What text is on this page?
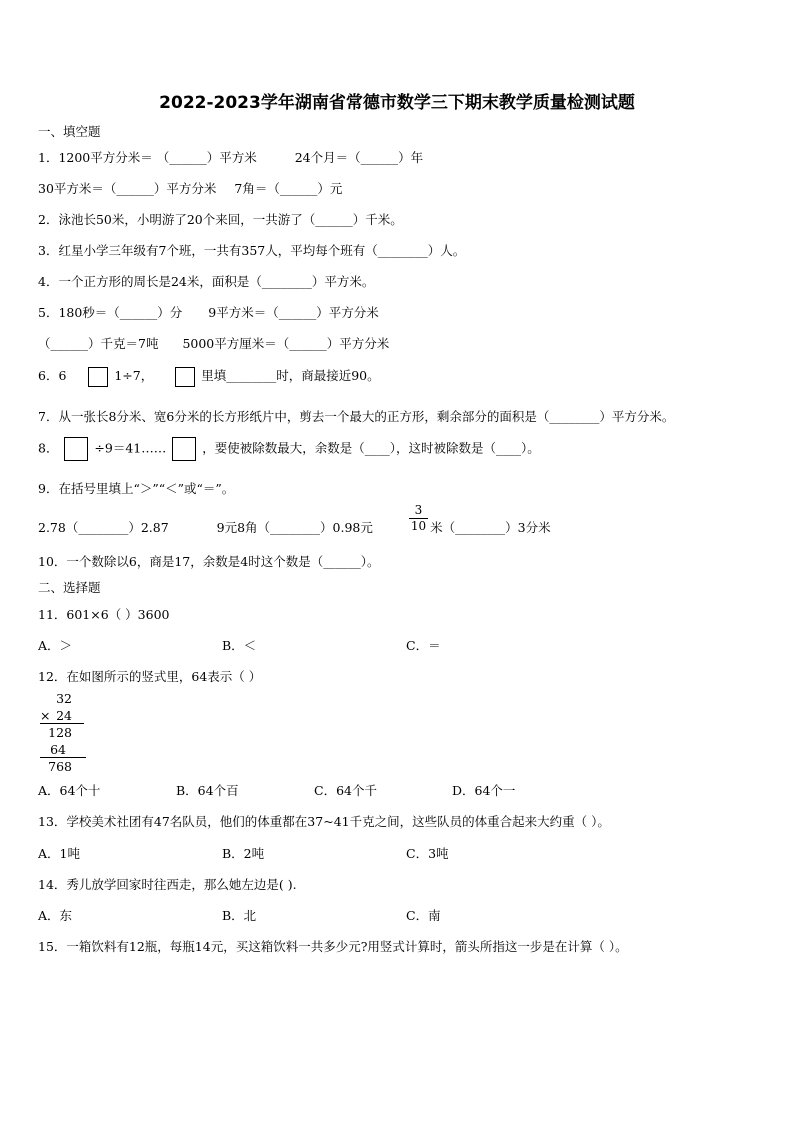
2022-2023学年湖南省常德市数学三下期末教学质量检测试题
一、填空题
1．1200平方分米＝ （______）平方米	24个月＝（______）年
30平方米＝（______）平方分米 7角＝（______）元
2．泳池长50米，小明游了20个来回，一共游了（______）千米。
3．红星小学三年级有7个班，一共有357人，平均每个班有（________）人。
4．一个正方形的周长是24米，面积是（________）平方米。
5．180秒＝（______）分 9平方米＝（______）平方分米
（______）千克＝7吨 5000平方厘米＝（______）平方分米
6．6	1÷7，	里填________时，商最接近90。
7．从一张长8分米、宽6分米的长方形纸片中，剪去一个最大的正方形，剩余部分的面积是（________）平方分米。
8．	÷9＝41……	，要使被除数最大，余数是（____），这时被除数是（____）。
9．在括号里填上“＞”“＜”或“＝”。
2.78（________）2.87	9元8角（________）0.98元	$\frac{3}{10}$ 米（________）3分米
10．一个数除以6，商是17，余数是4时这个数是（______）。
二、选择题
11．601×6（ ）3600
A．＞	B．＜	C．＝
12．在如图所示的竖式里，64表示（ ）
32
× 24
128
64
768
A．64个十	B．64个百	C．64个千	D．64个一
13．学校美术社团有47名队员，他们的体重都在37~41千克之间，这些队员的体重合起来大约重（ ）。
A．1吨	B．2吨	C．3吨
14．秀儿放学回家时往西走，那么她左边是( ).
A．东	B．北	C．南
15．一箱饮料有12瓶，每瓶14元，买这箱饮料一共多少元?用竖式计算时，箭头所指这一步是在计算（ ）。
